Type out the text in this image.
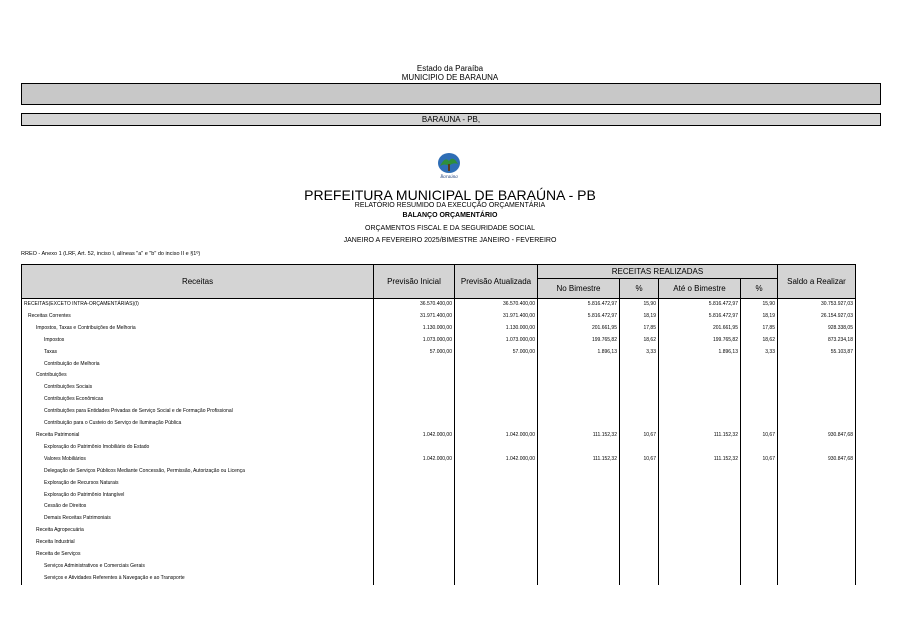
Estado da Paraíba
MUNICIPIO DE BARAUNA
BARAUNA - PB,
Baraúna
PREFEITURA MUNICIPAL DE BARAÚNA - PB
RELATÓRIO RESUMIDO DA EXECUÇÃO ORÇAMENTÁRIA
BALANÇO ORÇAMENTÁRIO
ORÇAMENTOS FISCAL E DA SEGURIDADE SOCIAL
JANEIRO A FEVEREIRO 2025/BIMESTRE JANEIRO - FEVEREIRO
RREO - Anexo 1 (LRF, Art. 52, inciso I, alíneas "a" e "b" do inciso II e §1º)
Receitas	Previsão Inicial	Previsão Atualizada	RECEITAS REALIZADAS				Saldo a Realizar
			No Bimestre	%	Até o Bimestre	%	
RECEITAS(EXCETO INTRA-ORÇAMENTÁRIAS)(I)	36.570.400,00	36.570.400,00	5.816.472,97	15,90	5.816.472,97	15,90	30.753.927,03
Receitas Correntes	31.971.400,00	31.971.400,00	5.816.472,97	18,19	5.816.472,97	18,19	26.154.927,03
Impostos, Taxas e Contribuições de Melhoria	1.130.000,00	1.130.000,00	201.661,95	17,85	201.661,95	17,85	928.338,05
Impostos	1.073.000,00	1.073.000,00	199.765,82	18,62	199.765,82	18,62	873.234,18
Taxas	57.000,00	57.000,00	1.896,13	3,33	1.896,13	3,33	55.103,87
Contribuição de Melhoria							
Contribuições							
Contribuições Sociais							
Contribuições Econômicas							
Contribuições para Entidades Privadas de Serviço Social e de Formação Profissional							
Contribuição para o Custeio do Serviço de Iluminação Pública							
Receita Patrimonial	1.042.000,00	1.042.000,00	111.152,32	10,67	111.152,32	10,67	930.847,68
Exploração do Patrimônio Imobiliário do Estado							
Valores Mobiliários	1.042.000,00	1.042.000,00	111.152,32	10,67	111.152,32	10,67	930.847,68
Delegação de Serviços Públicos Mediante Concessão, Permissão, Autorização ou Licença							
Exploração de Recursos Naturais							
Exploração do Patrimônio Intangível							
Cessão de Direitos							
Demais Receitas Patrimoniais							
Receita Agropecuária							
Receita Industrial							
Receita de Serviços							
Serviços Administrativos e Comerciais Gerais							
Serviços e Atividades Referentes à Navegação e ao Transporte							
